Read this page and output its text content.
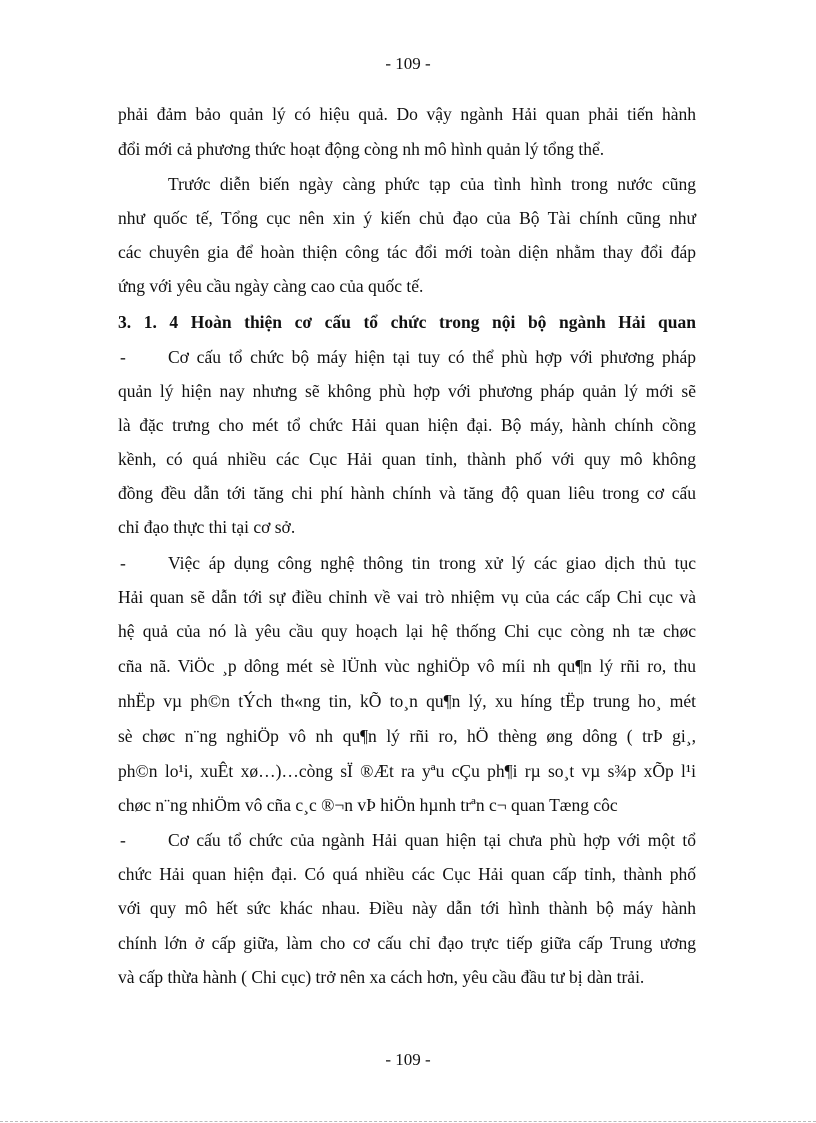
- 109 -
phải đảm bảo quản lý có hiệu quả. Do vậy ngành Hải quan phải tiến hành
đổi mới cả phương thức hoạt động còng nh mô hình quản lý tổng thể.
Trước diễn biến ngày càng phức tạp của tình hình trong nước cũng
như quốc tế, Tổng cục nên xin ý kiến chủ đạo của Bộ Tài chính cũng như
các chuyên gia để hoàn thiện công tác đổi mới toàn diện nhằm thay đổi đáp
ứng với yêu cầu ngày càng cao của quốc tế.
3. 1. 4 Hoàn thiện cơ cấu tổ chức trong nội bộ ngành Hải quan
- Cơ cấu tổ chức bộ máy hiện tại tuy có thể phù hợp với phương pháp
quản lý hiện nay nhưng sẽ không phù hợp với phương pháp quản lý mới sẽ
là đặc trưng cho mét tổ chức Hải quan hiện đại. Bộ máy, hành chính cồng
kềnh, có quá nhiều các Cục Hải quan tỉnh, thành phố với quy mô không
đồng đều dẫn tới tăng chi phí hành chính và tăng độ quan liêu trong cơ cấu
chỉ đạo thực thi tại cơ sở.
- Việc áp dụng công nghệ thông tin trong xử lý các giao dịch thủ tục
Hải quan sẽ dẫn tới sự điều chỉnh về vai trò nhiệm vụ của các cấp Chi cục và
hệ quả của nó là yêu cầu quy hoạch lại hệ thống Chi cục còng nh tæ chøc
cña nã. ViÖc ¸p dông mét sè lÜnh vùc nghiÖp vô míi nh qu¶n lý rñi ro, thu
nhËp vµ ph©n tÝch th«ng tin, kÕ to¸n qu¶n lý, xu híng tËp trung ho¸ mét
sè chøc n¨ng nghiÖp vô nh qu¶n lý rñi ro, hÖ thèng øng dông ( trÞ gi¸,
ph©n lo¹i, xuÊt xø…)…còng sÏ ®Æt ra yªu cÇu ph¶i rµ so¸t vµ s¾p xÕp l¹i
chøc n¨ng nhiÖm vô cña c¸c ®¬n vÞ hiÖn hµnh trªn c¬ quan Tæng côc
- Cơ cấu tổ chức của ngành Hải quan hiện tại chưa phù hợp với một tổ
chức Hải quan hiện đại. Có quá nhiều các Cục Hải quan cấp tỉnh, thành phố
với quy mô hết sức khác nhau. Điều này dẫn tới hình thành bộ máy hành
chính lớn ở cấp giữa, làm cho cơ cấu chỉ đạo trực tiếp giữa cấp Trung ương
và cấp thừa hành ( Chi cục) trở nên xa cách hơn, yêu cầu đầu tư bị dàn trải.
- 109 -
